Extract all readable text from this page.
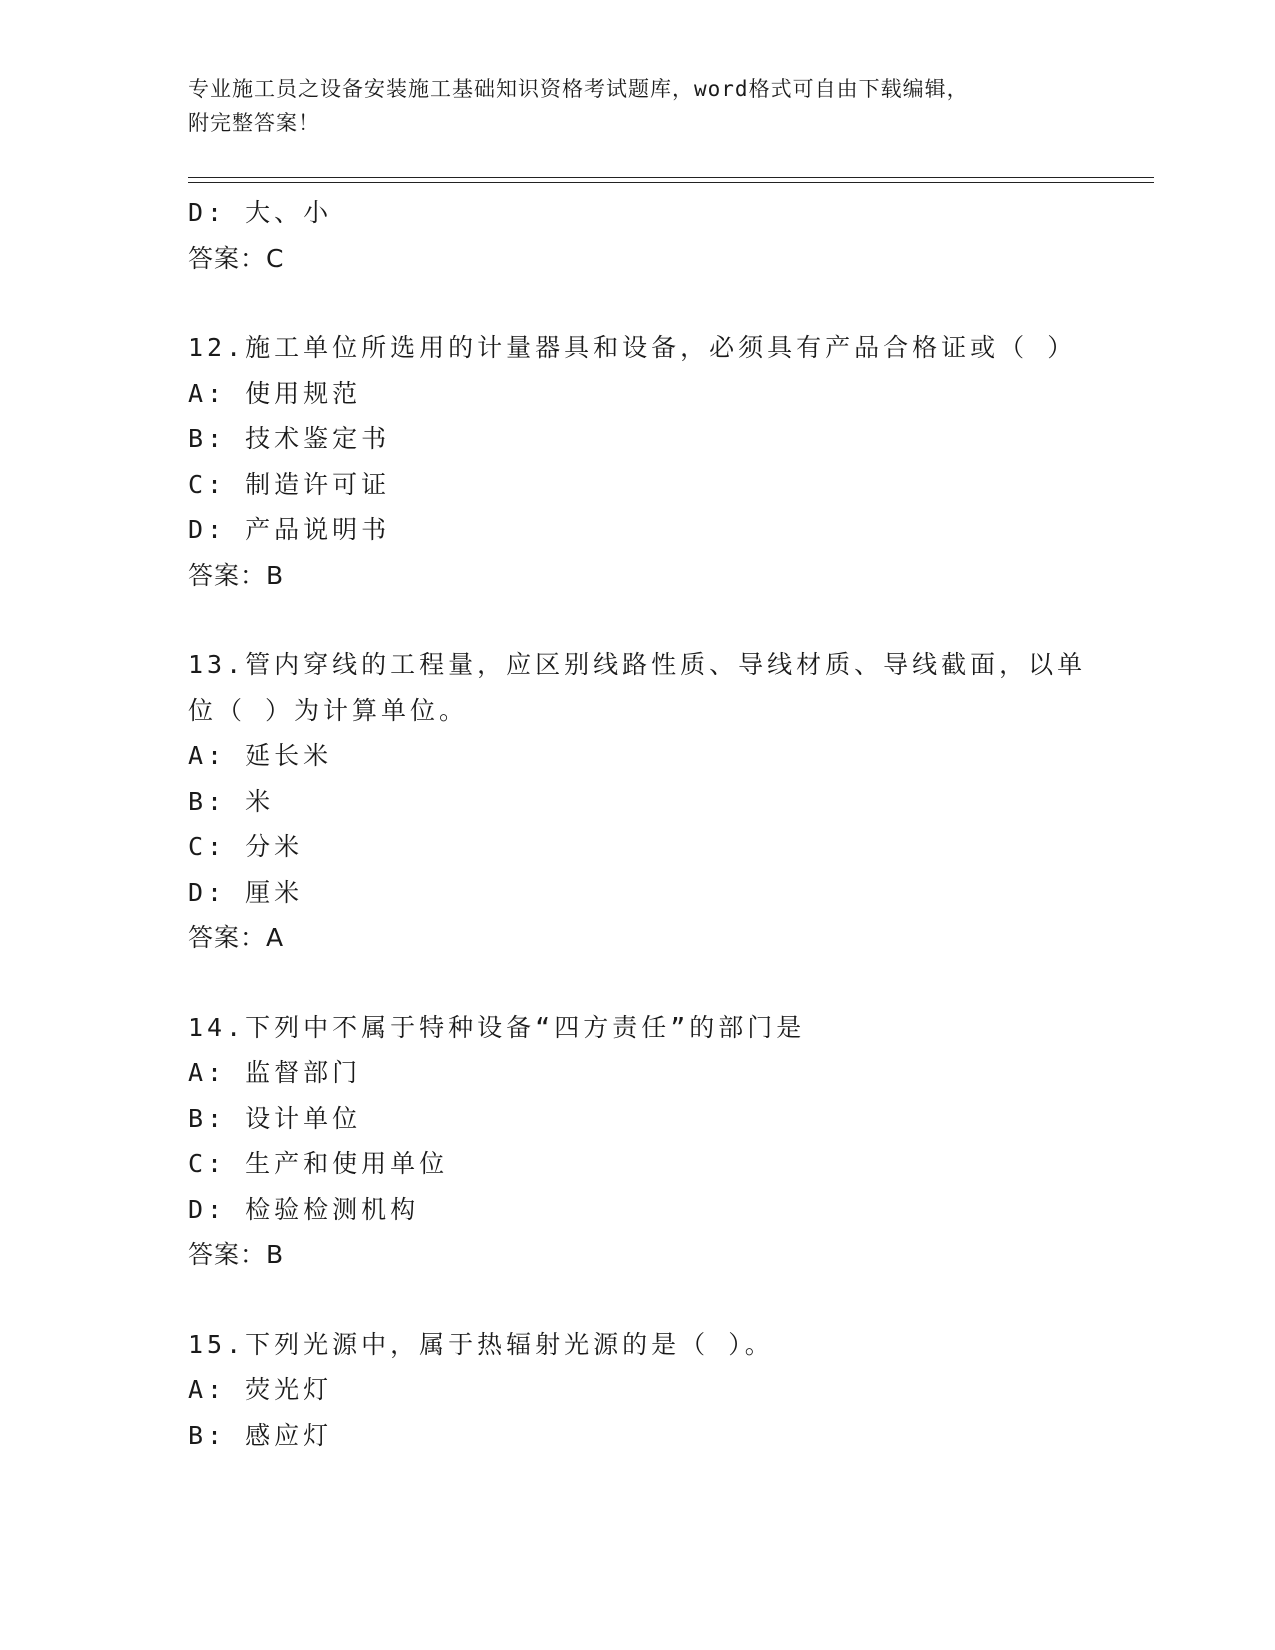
专业施工员之设备安装施工基础知识资格考试题库，word格式可自由下载编辑，
附完整答案！
D: 大、小
答案：C
12.施工单位所选用的计量器具和设备，必须具有产品合格证或（ ）
A: 使用规范
B: 技术鉴定书
C: 制造许可证
D: 产品说明书
答案：B
13.管内穿线的工程量，应区别线路性质、导线材质、导线截面，以单
位（ ）为计算单位。
A: 延长米
B: 米
C: 分米
D: 厘米
答案：A
14.下列中不属于特种设备“四方责任”的部门是
A: 监督部门
B: 设计单位
C: 生产和使用单位
D: 检验检测机构
答案：B
15.下列光源中，属于热辐射光源的是（ ）。
A: 荧光灯
B: 感应灯
